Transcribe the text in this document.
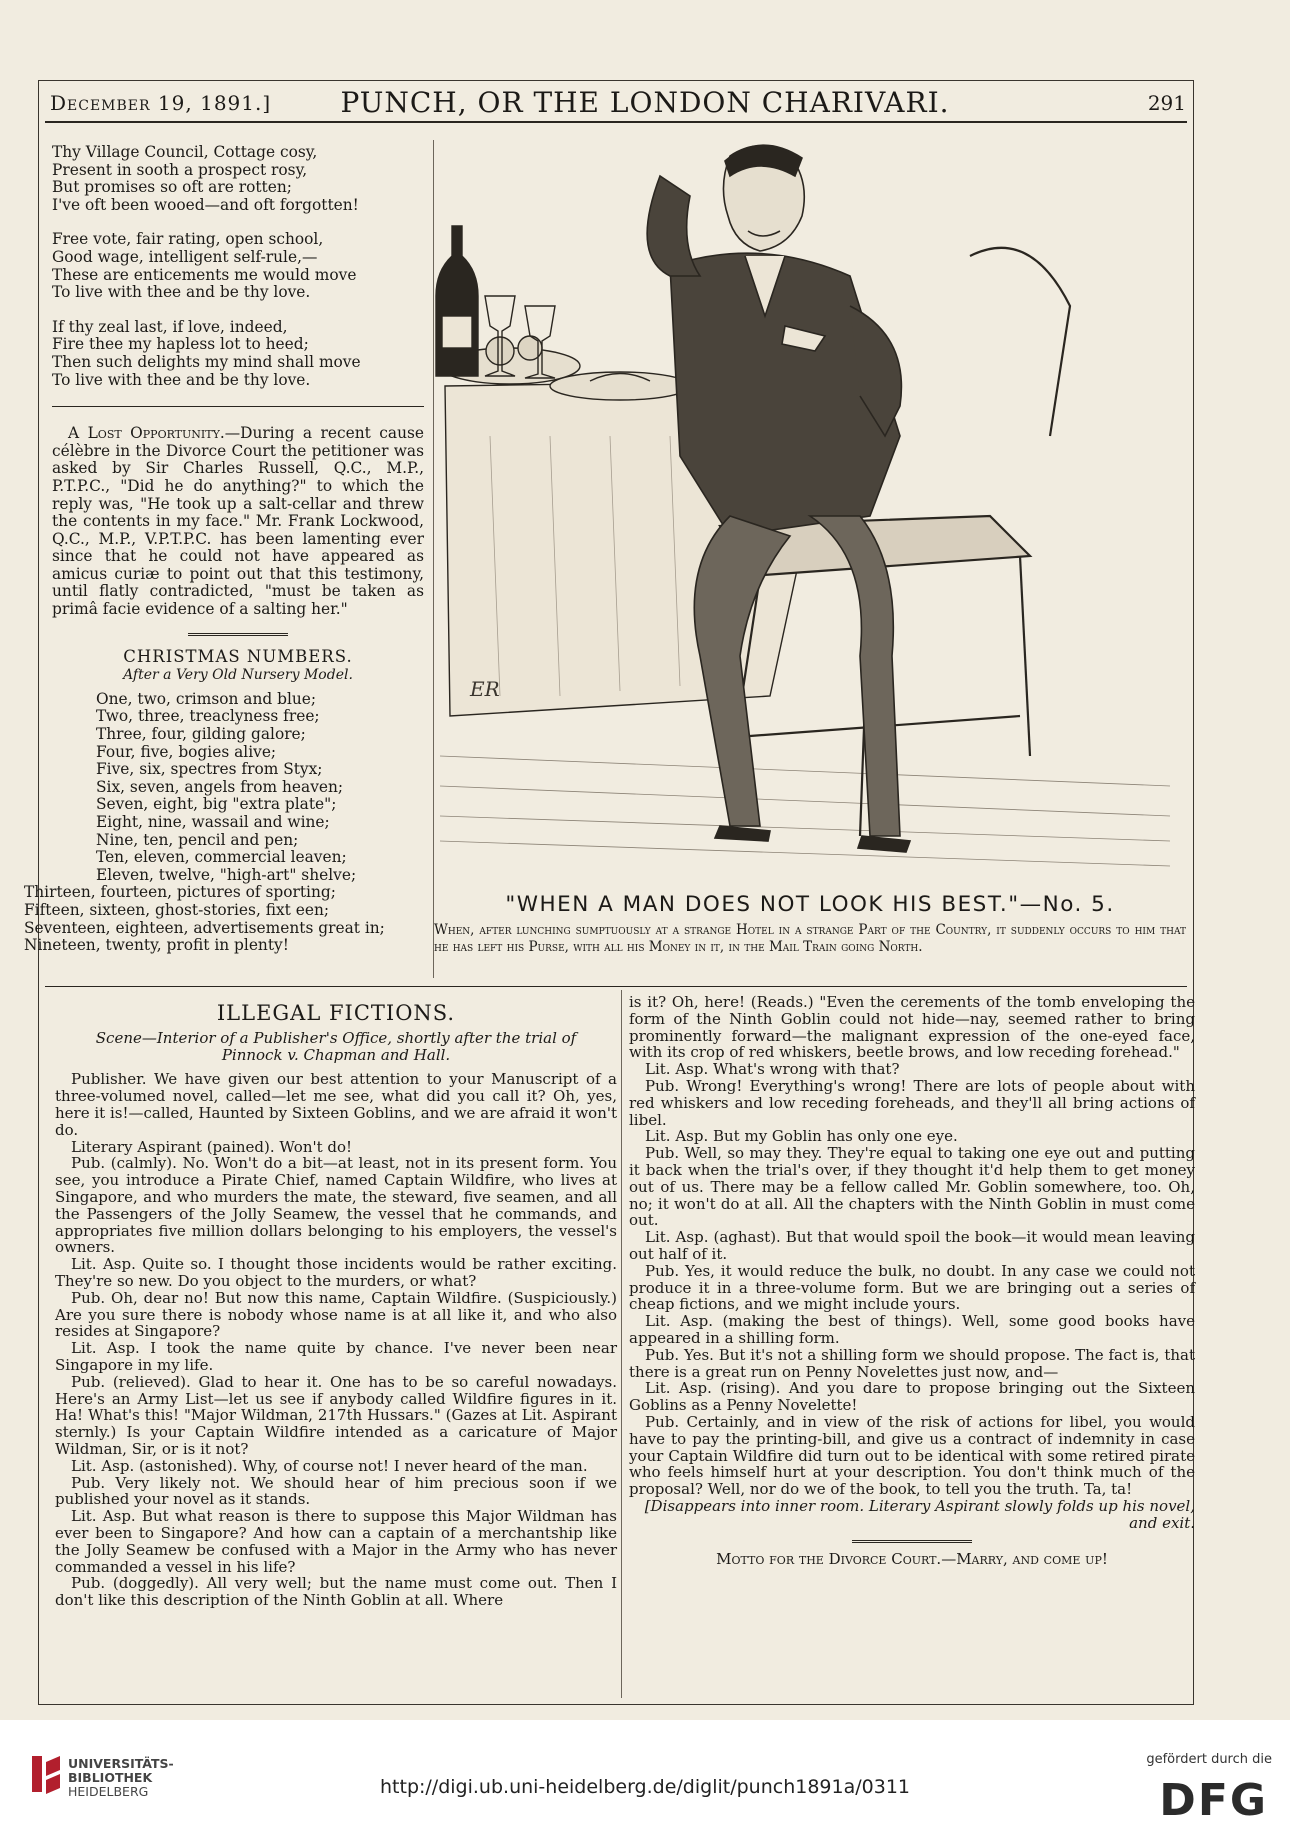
December 19, 1891.]	PUNCH, OR THE LONDON CHARIVARI.	291

Thy Village Council, Cottage cosy,

Present in sooth a prospect rosy,

But promises so oft are rotten;

I've oft been wooed—and oft forgotten!

Free vote, fair rating, open school,

Good wage, intelligent self-rule,—

These are enticements me would move

To live with thee and be thy love.

If thy zeal last, if love, indeed,

Fire thee my hapless lot to heed;

Then such delights my mind shall move

To live with thee and be thy love.

A Lost Opportunity.—During a recent cause célèbre in the Divorce Court the petitioner was asked by Sir Charles Russell, Q.C., M.P., P.T.P.C., "Did he do anything?" to which the reply was, "He took up a salt-cellar and threw the contents in my face." Mr. Frank Lockwood, Q.C., M.P., V.P.T.P.C. has been lamenting ever since that he could not have appeared as amicus curiæ to point out that this testimony, until flatly contradicted, "must be taken as primâ facie evidence of a salting her."

CHRISTMAS NUMBERS.

After a Very Old Nursery Model.

One, two, crimson and blue;

Two, three, treaclyness free;

Three, four, gilding galore;

Four, five, bogies alive;

Five, six, spectres from Styx;

Six, seven, angels from heaven;

Seven, eight, big "extra plate";

Eight, nine, wassail and wine;

Nine, ten, pencil and pen;

Ten, eleven, commercial leaven;

Eleven, twelve, "high-art" shelve;

Thirteen, fourteen, pictures of sporting;

Fifteen, sixteen, ghost-stories, fixt een;

Seventeen, eighteen, advertisements great in;

Nineteen, twenty, profit in plenty!

ER
"WHEN A MAN DOES NOT LOOK HIS BEST."—No. 5.
When, after lunching sumptuously at a strange Hotel in a strange Part of the Country, it suddenly occurs to him that he has left his Purse, with all his Money in it, in the Mail Train going North.
ILLEGAL FICTIONS.

Scene—Interior of a Publisher's Office, shortly after the trial of Pinnock v. Chapman and Hall.

Publisher. We have given our best attention to your Manuscript of a three-volumed novel, called—let me see, what did you call it? Oh, yes, here it is!—called, Haunted by Sixteen Goblins, and we are afraid it won't do.

Literary Aspirant (pained). Won't do!

Pub. (calmly). No. Won't do a bit—at least, not in its present form. You see, you introduce a Pirate Chief, named Captain Wildfire, who lives at Singapore, and who murders the mate, the steward, five seamen, and all the Passengers of the Jolly Seamew, the vessel that he commands, and appropriates five million dollars belonging to his employers, the vessel's owners.

Lit. Asp. Quite so. I thought those incidents would be rather exciting. They're so new. Do you object to the murders, or what?

Pub. Oh, dear no! But now this name, Captain Wildfire. (Suspiciously.) Are you sure there is nobody whose name is at all like it, and who also resides at Singapore?

Lit. Asp. I took the name quite by chance. I've never been near Singapore in my life.

Pub. (relieved). Glad to hear it. One has to be so careful nowadays. Here's an Army List—let us see if anybody called Wildfire figures in it. Ha! What's this! "Major Wildman, 217th Hussars." (Gazes at Lit. Aspirant sternly.) Is your Captain Wildfire intended as a caricature of Major Wildman, Sir, or is it not?

Lit. Asp. (astonished). Why, of course not! I never heard of the man.

Pub. Very likely not. We should hear of him precious soon if we published your novel as it stands.

Lit. Asp. But what reason is there to suppose this Major Wildman has ever been to Singapore? And how can a captain of a merchantship like the Jolly Seamew be confused with a Major in the Army who has never commanded a vessel in his life?

Pub. (doggedly). All very well; but the name must come out. Then I don't like this description of the Ninth Goblin at all. Where

is it? Oh, here! (Reads.) "Even the cerements of the tomb enveloping the form of the Ninth Goblin could not hide—nay, seemed rather to bring prominently forward—the malignant expression of the one-eyed face, with its crop of red whiskers, beetle brows, and low receding forehead."

Lit. Asp. What's wrong with that?

Pub. Wrong! Everything's wrong! There are lots of people about with red whiskers and low receding foreheads, and they'll all bring actions of libel.

Lit. Asp. But my Goblin has only one eye.

Pub. Well, so may they. They're equal to taking one eye out and putting it back when the trial's over, if they thought it'd help them to get money out of us. There may be a fellow called Mr. Goblin somewhere, too. Oh, no; it won't do at all. All the chapters with the Ninth Goblin in must come out.

Lit. Asp. (aghast). But that would spoil the book—it would mean leaving out half of it.

Pub. Yes, it would reduce the bulk, no doubt. In any case we could not produce it in a three-volume form. But we are bringing out a series of cheap fictions, and we might include yours.

Lit. Asp. (making the best of things). Well, some good books have appeared in a shilling form.

Pub. Yes. But it's not a shilling form we should propose. The fact is, that there is a great run on Penny Novelettes just now, and—

Lit. Asp. (rising). And you dare to propose bringing out the Sixteen Goblins as a Penny Novelette!

Pub. Certainly, and in view of the risk of actions for libel, you would have to pay the printing-bill, and give us a contract of indemnity in case your Captain Wildfire did turn out to be identical with some retired pirate who feels himself hurt at your description. You don't think much of the proposal? Well, nor do we of the book, to tell you the truth. Ta, ta!

[Disappears into inner room. Literary Aspirant slowly folds up his novel, and exit.

Motto for the Divorce Court.—Marry, and come up!

UNIVERSITÄTS-
BIBLIOTHEK
HEIDELBERG	http://digi.ub.uni-heidelberg.de/diglit/punch1891a/0311
gefördert durch die
DFG
